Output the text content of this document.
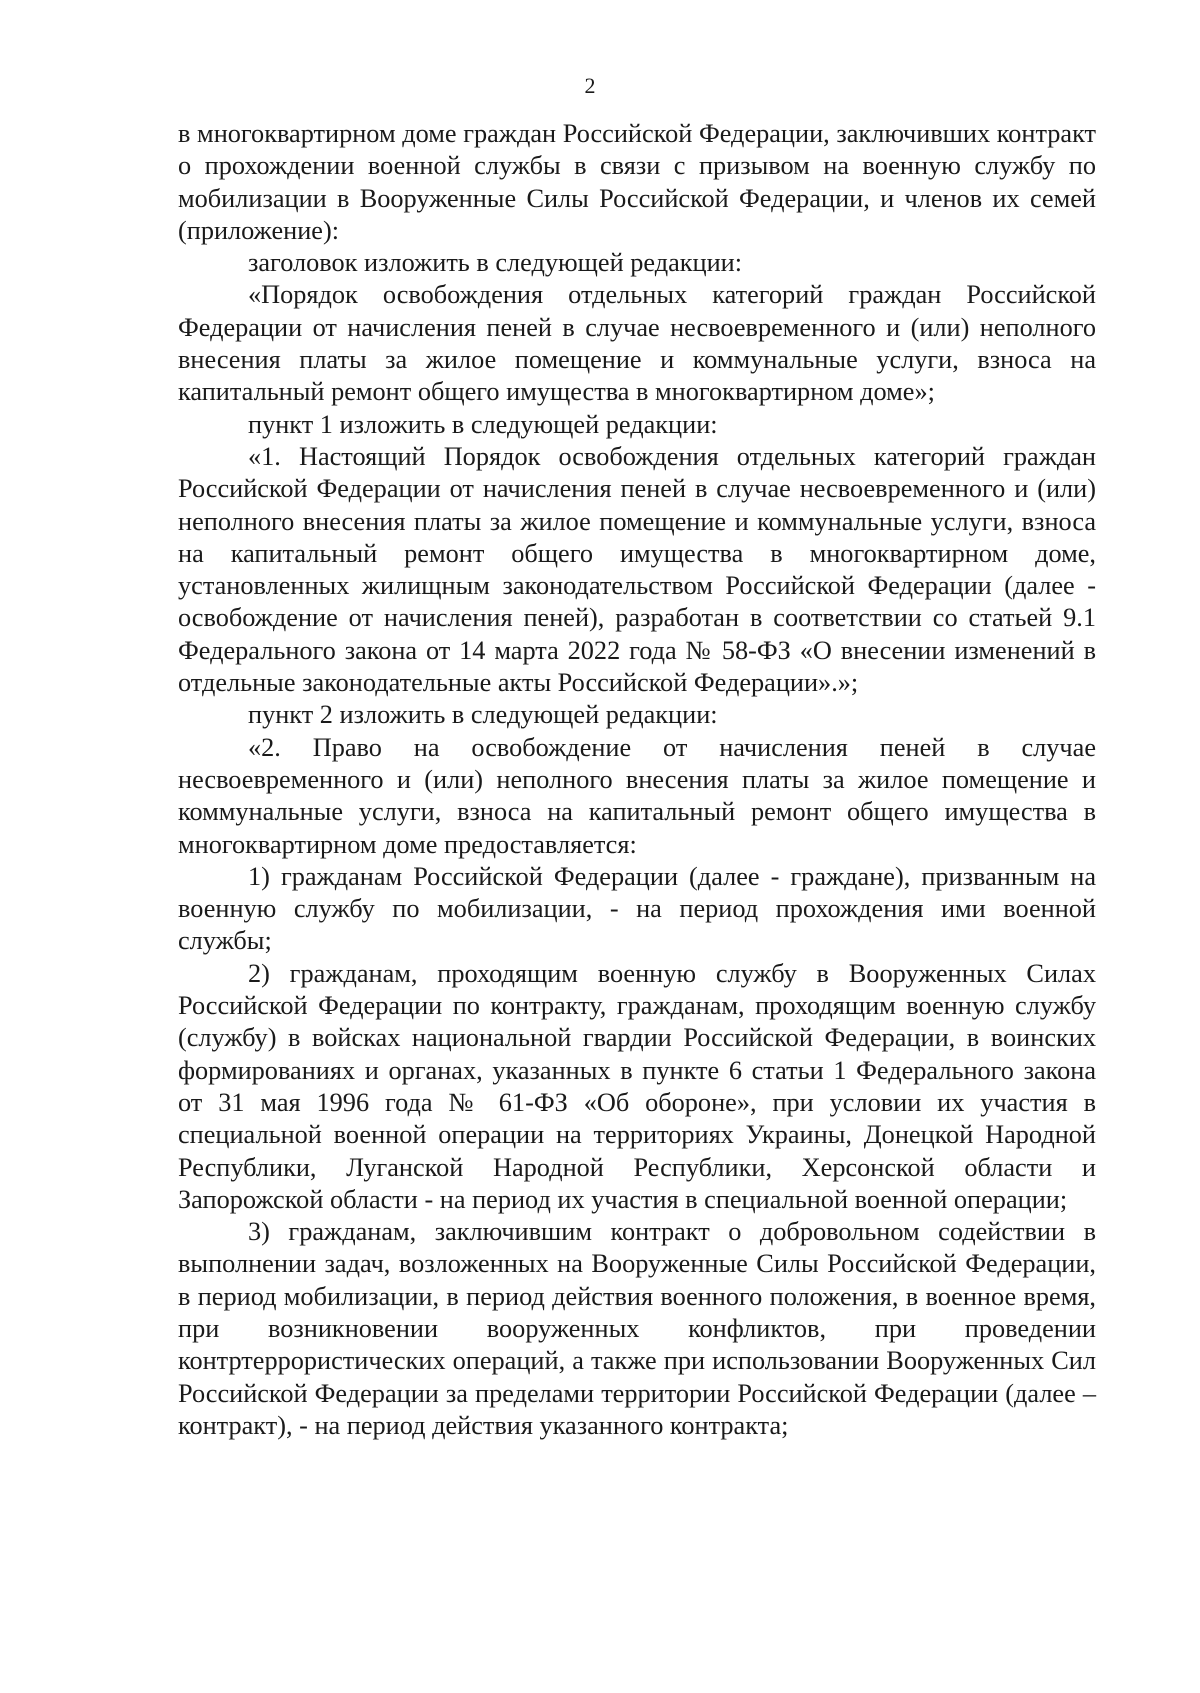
2

в многоквартирном доме граждан Российской Федерации, заключивших контракт о прохождении военной службы в связи с призывом на военную службу по мобилизации в Вооруженные Силы Российской Федерации, и членов их семей (приложение):

заголовок изложить в следующей редакции:

«Порядок освобождения отдельных категорий граждан Российской Федерации от начисления пеней в случае несвоевременного и (или) неполного внесения платы за жилое помещение и коммунальные услуги, взноса на капитальный ремонт общего имущества в многоквартирном доме»;

пункт 1 изложить в следующей редакции:

«1. Настоящий Порядок освобождения отдельных категорий граждан Российской Федерации от начисления пеней в случае несвоевременного и (или) неполного внесения платы за жилое помещение и коммунальные услуги, взноса на капитальный ремонт общего имущества в многоквартирном доме, установленных жилищным законодательством Российской Федерации (далее - освобождение от начисления пеней), разработан в соответствии со статьей 9.1 Федерального закона от 14 марта 2022 года № 58-ФЗ «О внесении изменений в отдельные законодательные акты Российской Федерации».»;

пункт 2 изложить в следующей редакции:

«2. Право на освобождение от начисления пеней в случае несвоевременного и (или) неполного внесения платы за жилое помещение и коммунальные услуги, взноса на капитальный ремонт общего имущества в многоквартирном доме предоставляется:

1) гражданам Российской Федерации (далее - граждане), призванным на военную службу по мобилизации, - на период прохождения ими военной службы;

2) гражданам, проходящим военную службу в Вооруженных Силах Российской Федерации по контракту, гражданам, проходящим военную службу (службу) в войсках национальной гвардии Российской Федерации, в воинских формированиях и органах, указанных в пункте 6 статьи 1 Федерального закона от 31 мая 1996 года № 61-ФЗ «Об обороне», при условии их участия в специальной военной операции на территориях Украины, Донецкой Народной Республики, Луганской Народной Республики, Херсонской области и Запорожской области - на период их участия в специальной военной операции;

3) гражданам, заключившим контракт о добровольном содействии в выполнении задач, возложенных на Вооруженные Силы Российской Федерации, в период мобилизации, в период действия военного положения, в военное время, при возникновении вооруженных конфликтов, при проведении контртеррористических операций, а также при использовании Вооруженных Сил Российской Федерации за пределами территории Российской Федерации (далее – контракт), - на период действия указанного контракта;
